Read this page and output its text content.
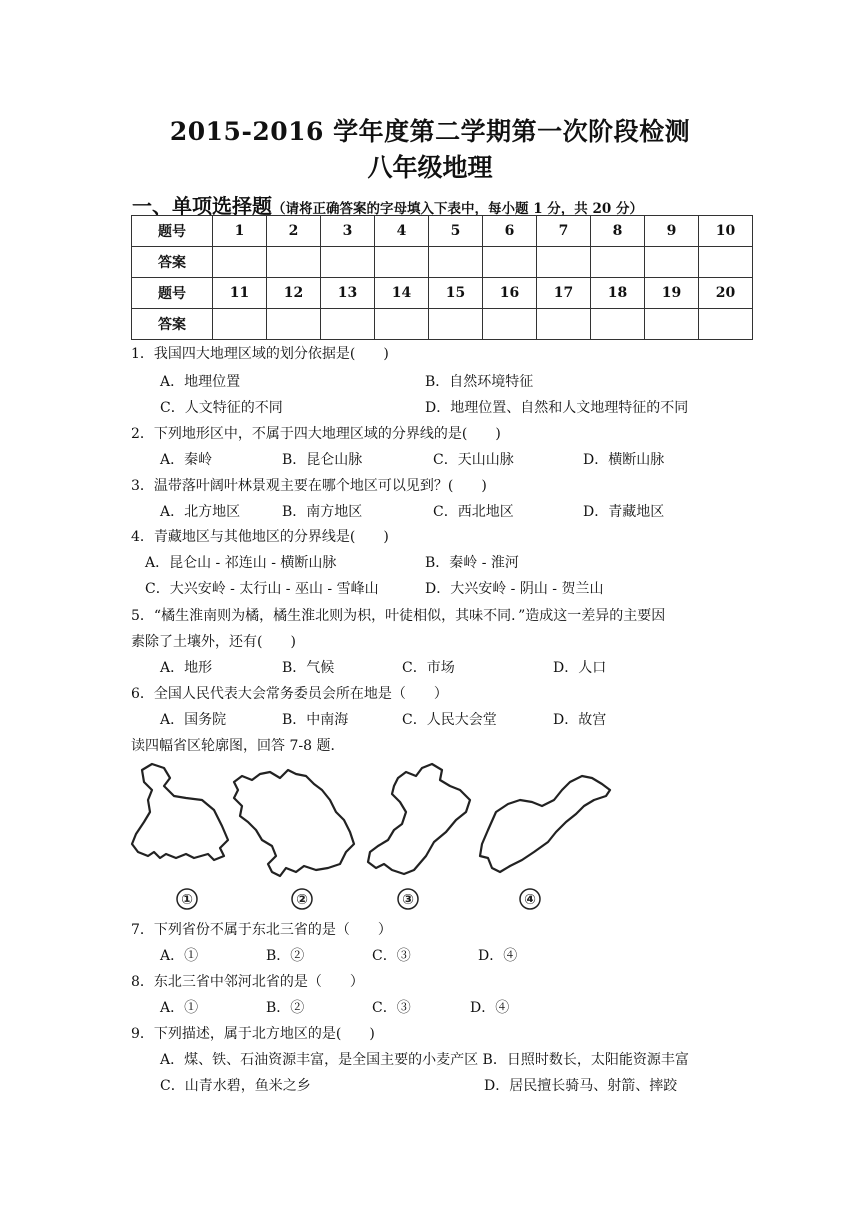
2015-2016 学年度第二学期第一次阶段检测
八年级地理
一、单项选择题（请将正确答案的字母填入下表中，每小题 1 分，共 20 分）
题号	1	2	3	4	5	6	7	8	9	10
答案										
题号	11	12	13	14	15	16	17	18	19	20
答案										
1．我国四大地理区域的划分依据是(　　)
A．地理位置	B．自然环境特征
C．人文特征的不同	D．地理位置、自然和人文地理特征的不同
2．下列地形区中，不属于四大地理区域的分界线的是(　　)
A．秦岭	B．昆仑山脉	C．天山山脉	D．横断山脉
3．温带落叶阔叶林景观主要在哪个地区可以见到？(　　)
A．北方地区	B．南方地区	C．西北地区	D．青藏地区
4．青藏地区与其他地区的分界线是(　　)
A．昆仑山 - 祁连山 - 横断山脉	B．秦岭 - 淮河
C．大兴安岭 - 太行山 - 巫山 - 雪峰山	D．大兴安岭 - 阴山 - 贺兰山
5．“橘生淮南则为橘，橘生淮北则为枳，叶徒相似，其味不同．”造成这一差异的主要因
素除了土壤外，还有(　　)
A．地形	B．气候	C．市场	D．人口
6．全国人民代表大会常务委员会所在地是（　　）
A．国务院	B．中南海	C．人民大会堂	D．故宫
读四幅省区轮廓图，回答 7-8 题．
①	②	③	④
7．下列省份不属于东北三省的是（　　）
A．①	B．②	C．③	D．④
8．东北三省中邻河北省的是（　　）
A．①	B．②	C．③	D．④
9．下列描述，属于北方地区的是(　　)
A．煤、铁、石油资源丰富，是全国主要的小麦产区 B．日照时数长，太阳能资源丰富
C．山青水碧，鱼米之乡	D．居民擅长骑马、射箭、摔跤
